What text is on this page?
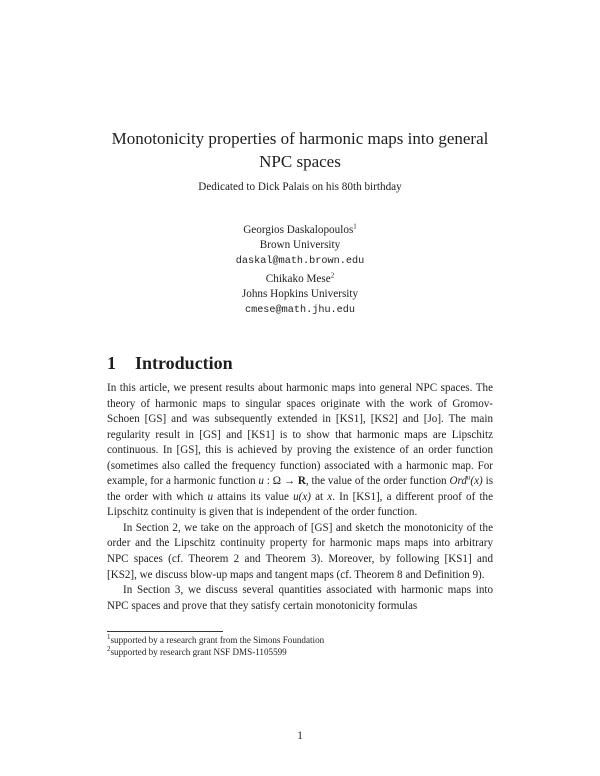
Monotonicity properties of harmonic maps into general
NPC spaces
Dedicated to Dick Palais on his 80th birthday
Georgios Daskalopoulos$^1$
Brown University
daskal@math.brown.edu
Chikako Mese$^2$
Johns Hopkins University
cmese@math.jhu.edu
1 Introduction

In this article, we present results about harmonic maps into general NPC spaces. The theory of harmonic maps to singular spaces originate with the work of Gromov-Schoen [GS] and was subsequently extended in [KS1], [KS2] and [Jo]. The main regularity result in [GS] and [KS1] is to show that harmonic maps are Lipschitz continuous. In [GS], this is achieved by proving the existence of an order function (sometimes also called the frequency function) associated with a harmonic map. For example, for a harmonic function u : Ω → R, the value of the order function Ord$^u$(x) is the order with which u attains its value u(x) at x. In [KS1], a different proof of the Lipschitz continuity is given that is independent of the order function.

In Section 2, we take on the approach of [GS] and sketch the monotonicity of the order and the Lipschitz continuity property for harmonic maps maps into arbitrary NPC spaces (cf. Theorem 2 and Theorem 3). Moreover, by following [KS1] and [KS2], we discuss blow-up maps and tangent maps (cf. Theorem 8 and Definition 9).

In Section 3, we discuss several quantities associated with harmonic maps into NPC spaces and prove that they satisfy certain monotonicity formulas

$^1$supported by a research grant from the Simons Foundation
$^2$supported by research grant NSF DMS-1105599
1
